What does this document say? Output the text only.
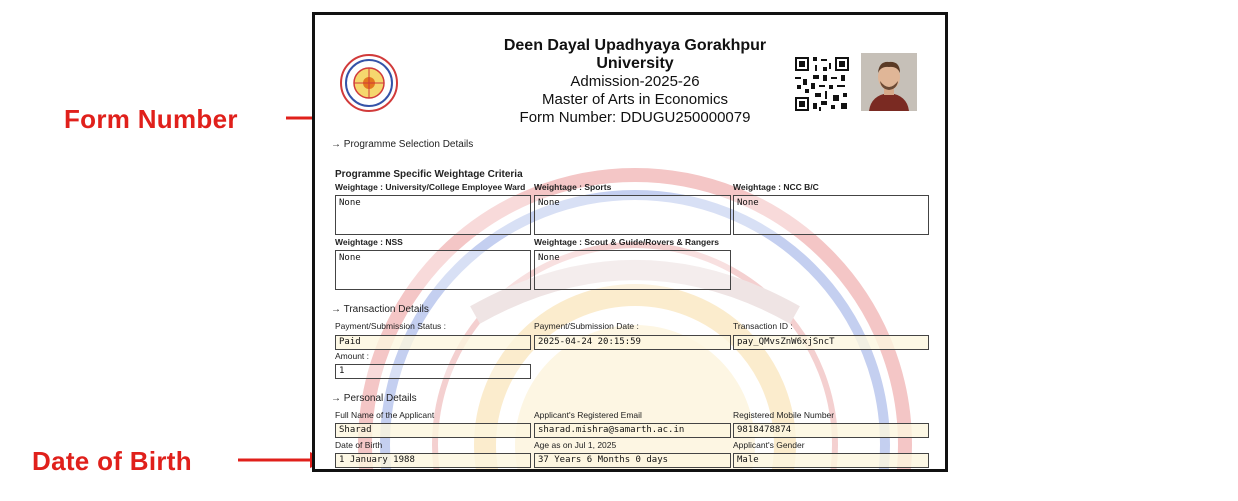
Form Number
Date of Birth
Deen Dayal Upadhyaya Gorakhpur
University
Admission-2025-26
Master of Arts in Economics
Form Number: DDUGU250000079
→ Programme Selection Details
Programme Specific Weightage Criteria
Weightage : University/College Employee Ward
None
Weightage : Sports
None
Weightage : NCC B/C
None
Weightage : NSS
None
Weightage : Scout & Guide/Rovers & Rangers
None
→ Transaction Details
Payment/Submission Status :
Paid
Payment/Submission Date :
2025-04-24 20:15:59
Transaction ID :
pay_QMvsZnW6xjSncT
Amount :
1
→ Personal Details
Full Name of the Applicant
Sharad
Applicant's Registered Email
sharad.mishra@samarth.ac.in
Registered Mobile Number
9818478874
Date of Birth
1 January 1988
Age as on Jul 1, 2025
37 Years 6 Months 0 days
Applicant's Gender
Male
